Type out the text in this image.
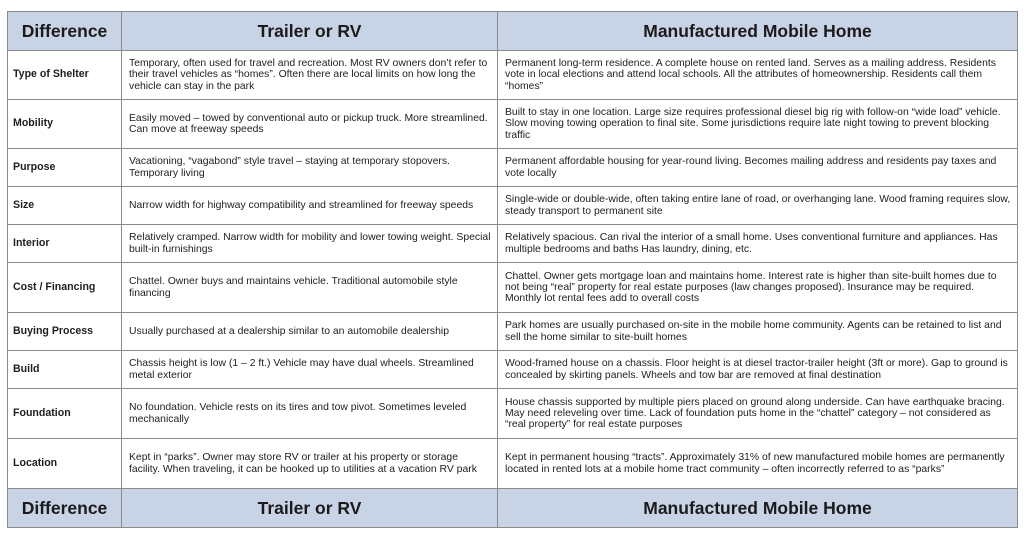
Difference	Trailer or RV	Manufactured Mobile Home
Type of Shelter	Temporary, often used for travel and recreation. Most RV owners don’t refer to their travel vehicles as “homes”. Often there are local limits on how long the vehicle can stay in the park	Permanent long-term residence. A complete house on rented land. Serves as a mailing address. Residents vote in local elections and attend local schools. All the attributes of homeownership. Residents call them “homes”
Mobility	Easily moved – towed by conventional auto or pickup truck. More streamlined. Can move at freeway speeds	Built to stay in one location. Large size requires professional diesel big rig with follow-on “wide load” vehicle. Slow moving towing operation to final site. Some jurisdictions require late night towing to prevent blocking traffic
Purpose	Vacationing, “vagabond” style travel – staying at temporary stopovers. Temporary living	Permanent affordable housing for year-round living. Becomes mailing address and residents pay taxes and vote locally
Size	Narrow width for highway compatibility and streamlined for freeway speeds	Single-wide or double-wide, often taking entire lane of road, or overhanging lane. Wood framing requires slow, steady transport to permanent site
Interior	Relatively cramped. Narrow width for mobility and lower towing weight. Special built-in furnishings	Relatively spacious. Can rival the interior of a small home. Uses conventional furniture and appliances. Has multiple bedrooms and baths Has laundry, dining, etc.
Cost / Financing	Chattel. Owner buys and maintains vehicle. Traditional automobile style financing	Chattel. Owner gets mortgage loan and maintains home. Interest rate is higher than site-built homes due to not being “real” property for real estate purposes (law changes proposed). Insurance may be required. Monthly lot rental fees add to overall costs
Buying Process	Usually purchased at a dealership similar to an automobile dealership	Park homes are usually purchased on-site in the mobile home community. Agents can be retained to list and sell the home similar to site-built homes
Build	Chassis height is low (1 – 2 ft.) Vehicle may have dual wheels. Streamlined metal exterior	Wood-framed house on a chassis. Floor height is at diesel tractor-trailer height (3ft or more). Gap to ground is concealed by skirting panels. Wheels and tow bar are removed at final destination
Foundation	No foundation. Vehicle rests on its tires and tow pivot. Sometimes leveled mechanically	House chassis supported by multiple piers placed on ground along underside. Can have earthquake bracing. May need releveling over time. Lack of foundation puts home in the “chattel” category – not considered as “real property” for real estate purposes
Location	Kept in “parks”. Owner may store RV or trailer at his property or storage facility. When traveling, it can be hooked up to utilities at a vacation RV park	Kept in permanent housing “tracts”. Approximately 31% of new manufactured mobile homes are permanently located in rented lots at a mobile home tract community – often incorrectly referred to as “parks”
Difference	Trailer or RV	Manufactured Mobile Home
